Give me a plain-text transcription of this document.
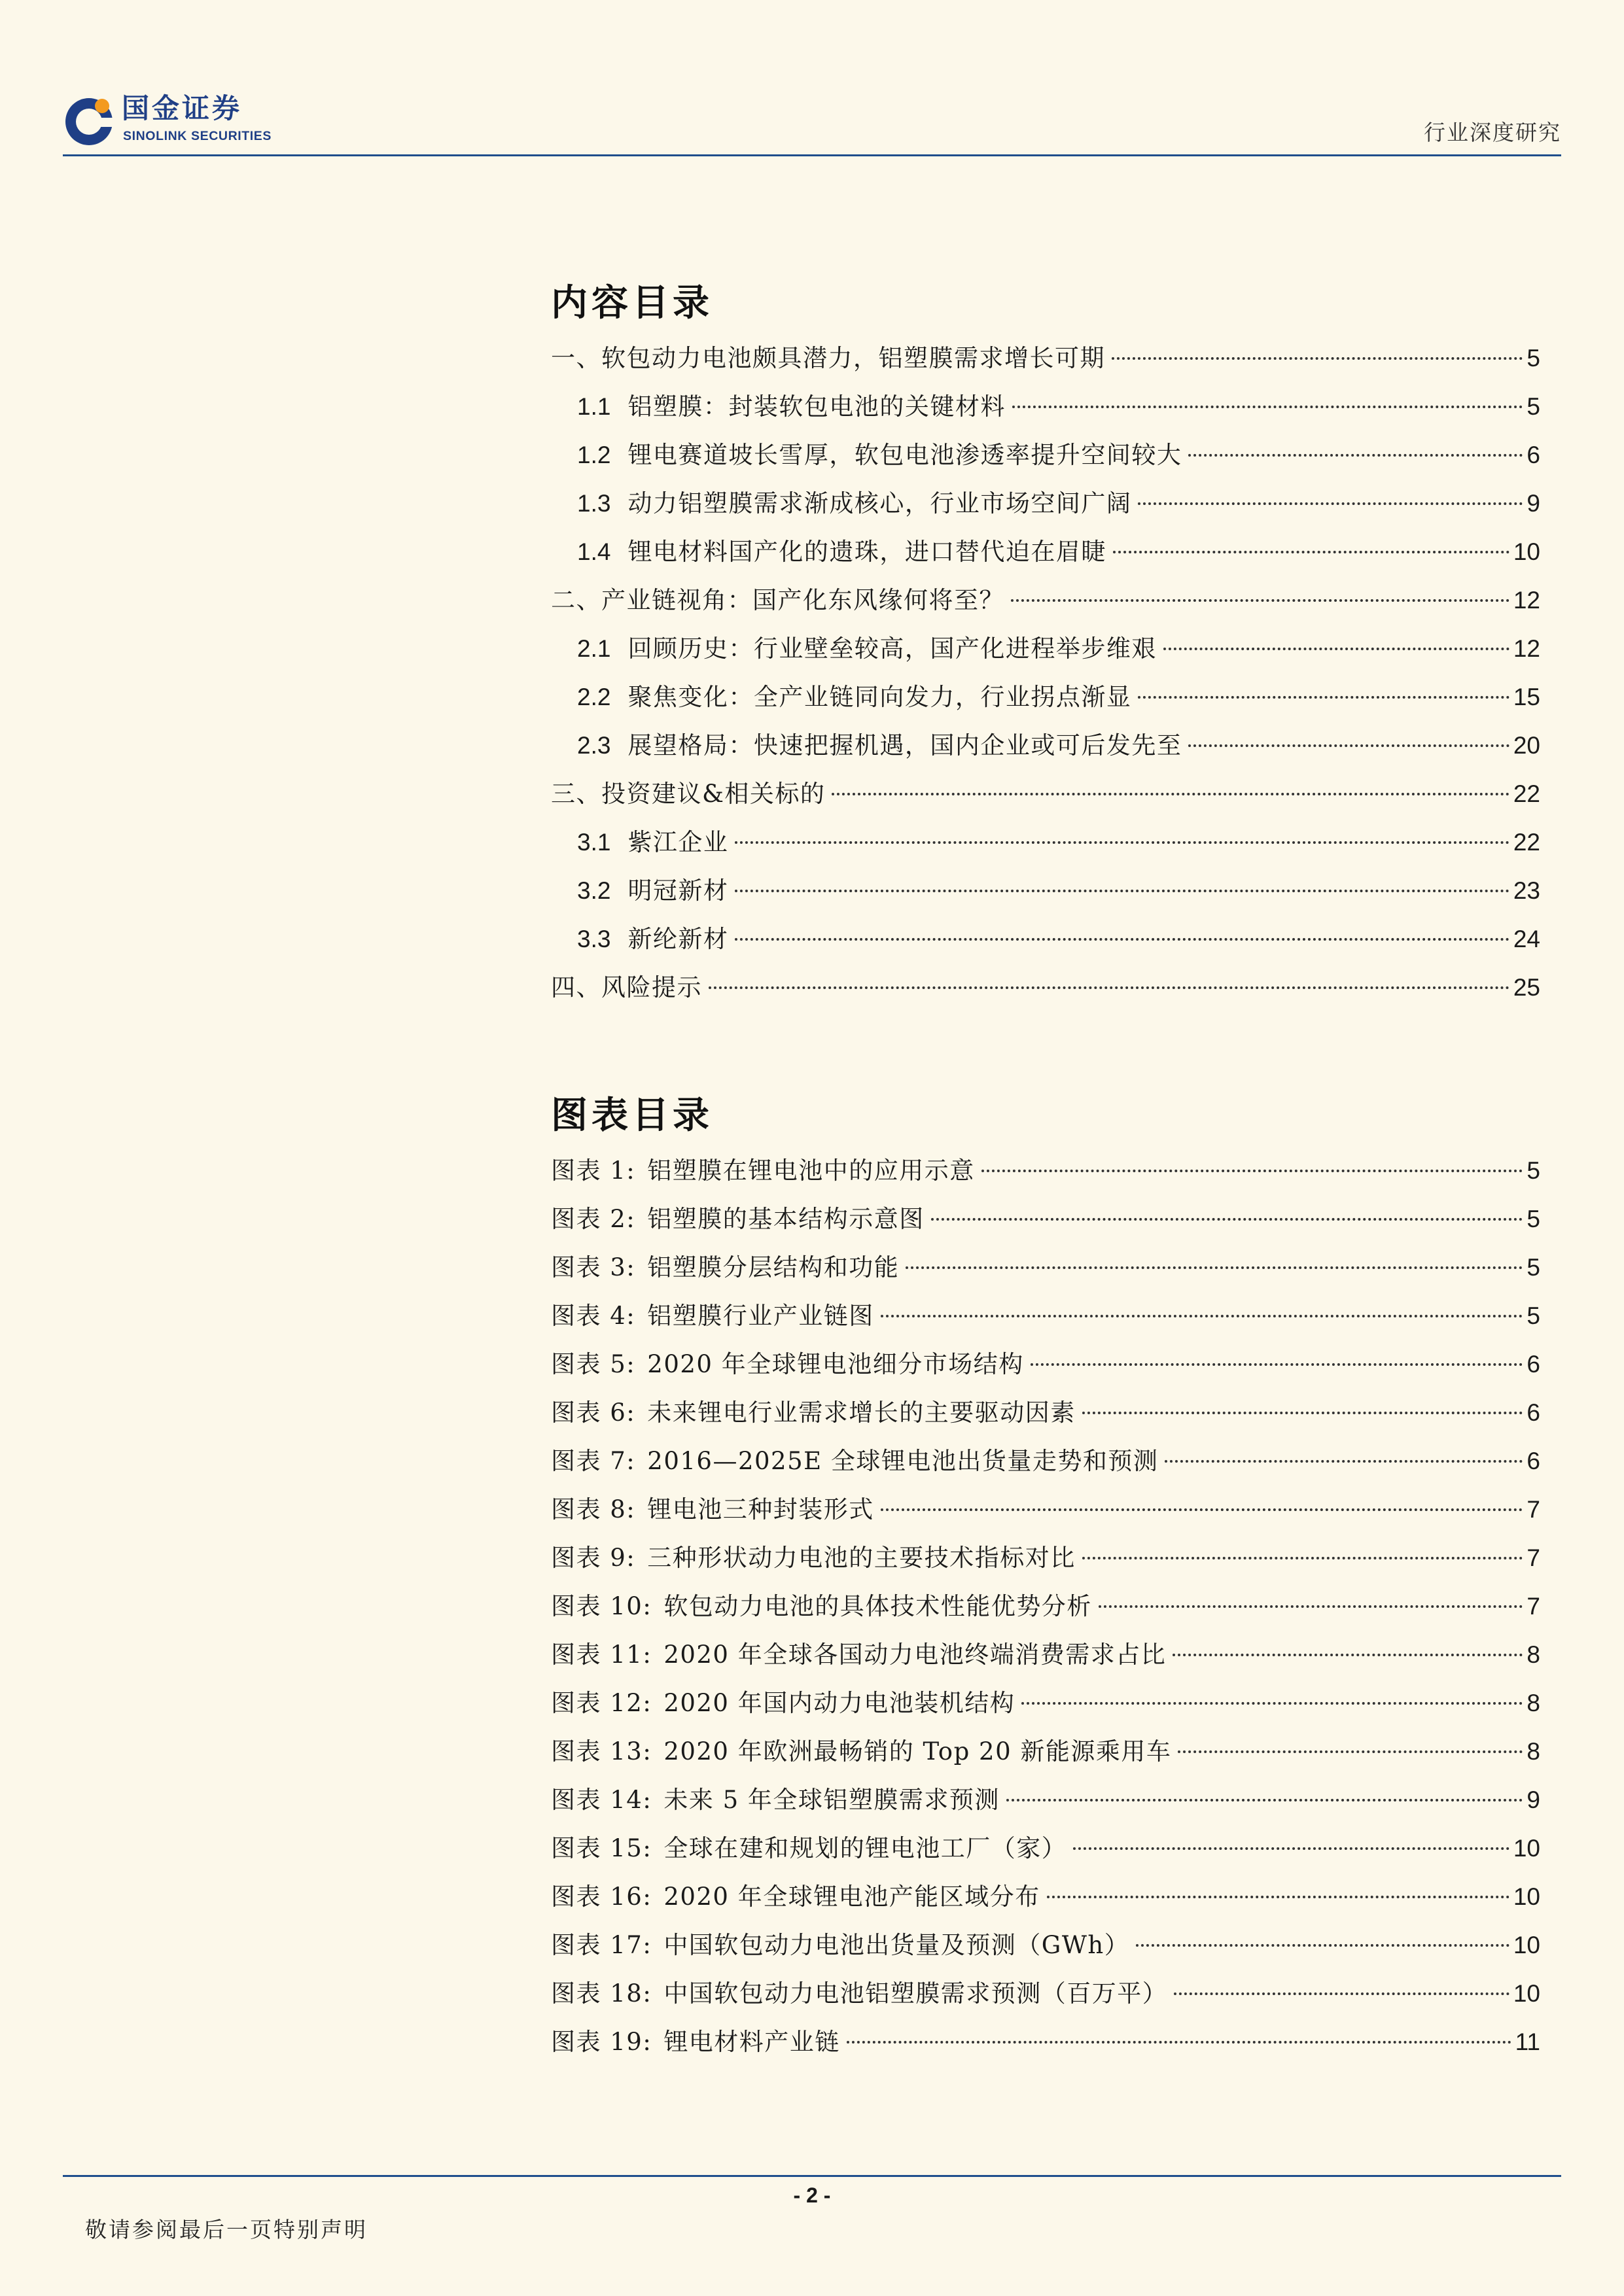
国金证券
SINOLINK SECURITIES	行业深度研究
内容目录
一、软包动力电池颇具潜力，铝塑膜需求增长可期	5
1.1 铝塑膜：封装软包电池的关键材料	5
1.2 锂电赛道坡长雪厚，软包电池渗透率提升空间较大	6
1.3 动力铝塑膜需求渐成核心，行业市场空间广阔	9
1.4 锂电材料国产化的遗珠，进口替代迫在眉睫	10
二、产业链视角：国产化东风缘何将至？	12
2.1 回顾历史：行业壁垒较高，国产化进程举步维艰	12
2.2 聚焦变化：全产业链同向发力，行业拐点渐显	15
2.3 展望格局：快速把握机遇，国内企业或可后发先至	20
三、投资建议&相关标的	22
3.1 紫江企业	22
3.2 明冠新材	23
3.3 新纶新材	24
四、风险提示	25
图表目录
图表 1: 铝塑膜在锂电池中的应用示意	5
图表 2: 铝塑膜的基本结构示意图	5
图表 3: 铝塑膜分层结构和功能	5
图表 4: 铝塑膜行业产业链图	5
图表 5: 2020 年全球锂电池细分市场结构	6
图表 6: 未来锂电行业需求增长的主要驱动因素	6
图表 7: 2016—2025E 全球锂电池出货量走势和预测	6
图表 8: 锂电池三种封装形式	7
图表 9: 三种形状动力电池的主要技术指标对比	7
图表 10: 软包动力电池的具体技术性能优势分析	7
图表 11: 2020 年全球各国动力电池终端消费需求占比	8
图表 12: 2020 年国内动力电池装机结构	8
图表 13: 2020 年欧洲最畅销的 Top 20 新能源乘用车	8
图表 14: 未来 5 年全球铝塑膜需求预测	9
图表 15: 全球在建和规划的锂电池工厂（家）	10
图表 16: 2020 年全球锂电池产能区域分布	10
图表 17: 中国软包动力电池出货量及预测（GWh）	10
图表 18: 中国软包动力电池铝塑膜需求预测（百万平）	10
图表 19: 锂电材料产业链	11
- 2 -
敬请参阅最后一页特别声明
